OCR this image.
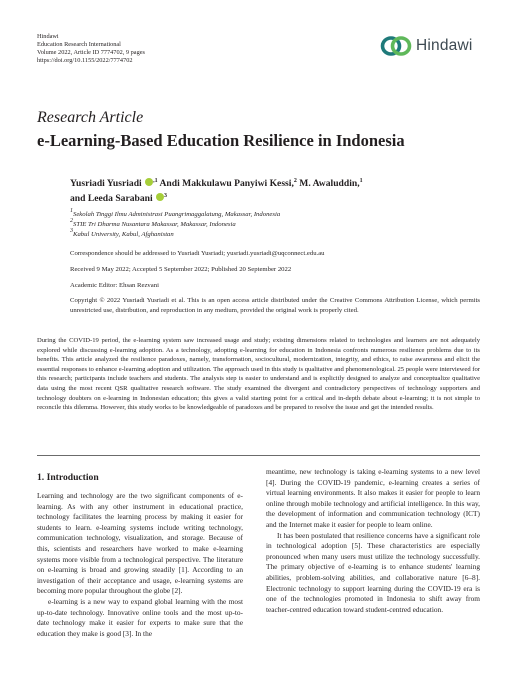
Hindawi
Education Research International
Volume 2022, Article ID 7774702, 9 pages
https://doi.org/10.1155/2022/7774702
Hindawi
Research Article
e-Learning-Based Education Resilience in Indonesia
Yusriadi Yusriadi iD $^{,1}$ Andi Makkulawu Panyiwi Kessi,$^2$ M. Awaluddin,$^1$
and Leeda Sarabani iD $^3$
$^1$Sekolah Tinggi Ilmu Administrasi Puangrimaggalatung, Makassar, Indonesia
$^2$STIE Tri Dharma Nusantara Makassar, Makassar, Indonesia
$^3$Kabul University, Kabul, Afghanistan
Correspondence should be addressed to Yusriadi Yusriadi; yusriadi.yusriadi@uqconnect.edu.au
Received 9 May 2022; Accepted 5 September 2022; Published 20 September 2022
Academic Editor: Ehsan Rezvani
Copyright © 2022 Yusriadi Yusriadi et al. This is an open access article distributed under the Creative Commons Attribution License, which permits unrestricted use, distribution, and reproduction in any medium, provided the original work is properly cited.
During the COVID-19 period, the e-learning system saw increased usage and study; existing dimensions related to technologies and learners are not adequately explored while discussing e-learning adoption. As a technology, adopting e-learning for education in Indonesia confronts numerous resilience problems due to its benefits. This article analyzed the resilience paradoxes, namely, transformation, sociocultural, modernization, integrity, and ethics, to raise awareness and elicit the essential responses to enhance e-learning adoption and utilization. The approach used in this study is qualitative and phenomenological. 25 people were interviewed for this research; participants include teachers and students. The analysis step is easier to understand and is explicitly designed to analyze and conceptualize qualitative data using the most recent QSR qualitative research software. The study examined the divergent and contradictory perspectives of technology supporters and technology doubters on e-learning in Indonesian education; this gives a valid starting point for a critical and in-depth debate about e-learning; it is not simple to reconcile this dilemma. However, this study works to be knowledgeable of paradoxes and be prepared to resolve the issue and get the intended results.
1. Introduction

Learning and technology are the two significant components of e-learning. As with any other instrument in educational practice, technology facilitates the learning process by making it easier for students to learn. e-learning systems include writing technology, communication technology, visualization, and storage. Because of this, scientists and researchers have worked to make e-learning systems more visible from a technological perspective. The literature on e-learning is broad and growing steadily [1]. According to an investigation of their acceptance and usage, e-learning systems are becoming more popular throughout the globe [2].

e-learning is a new way to expand global learning with the most up-to-date technology. Innovative online tools and the most up-to-date technology make it easier for experts to make sure that the education they make is good [3]. In the

meantime, new technology is taking e-learning systems to a new level [4]. During the COVID-19 pandemic, e-learning creates a series of virtual learning environments. It also makes it easier for people to learn online through mobile technology and artificial intelligence. In this way, the development of information and communication technology (ICT) and the Internet make it easier for people to learn online.

It has been postulated that resilience concerns have a significant role in technological adoption [5]. These characteristics are especially pronounced when many users must utilize the technology successfully. The primary objective of e-learning is to enhance students' learning abilities, problem-solving abilities, and collaborative nature [6–8]. Electronic technology to support learning during the COVID-19 era is one of the technologies promoted in Indonesia to shift away from teacher-centred education toward student-centred education.
